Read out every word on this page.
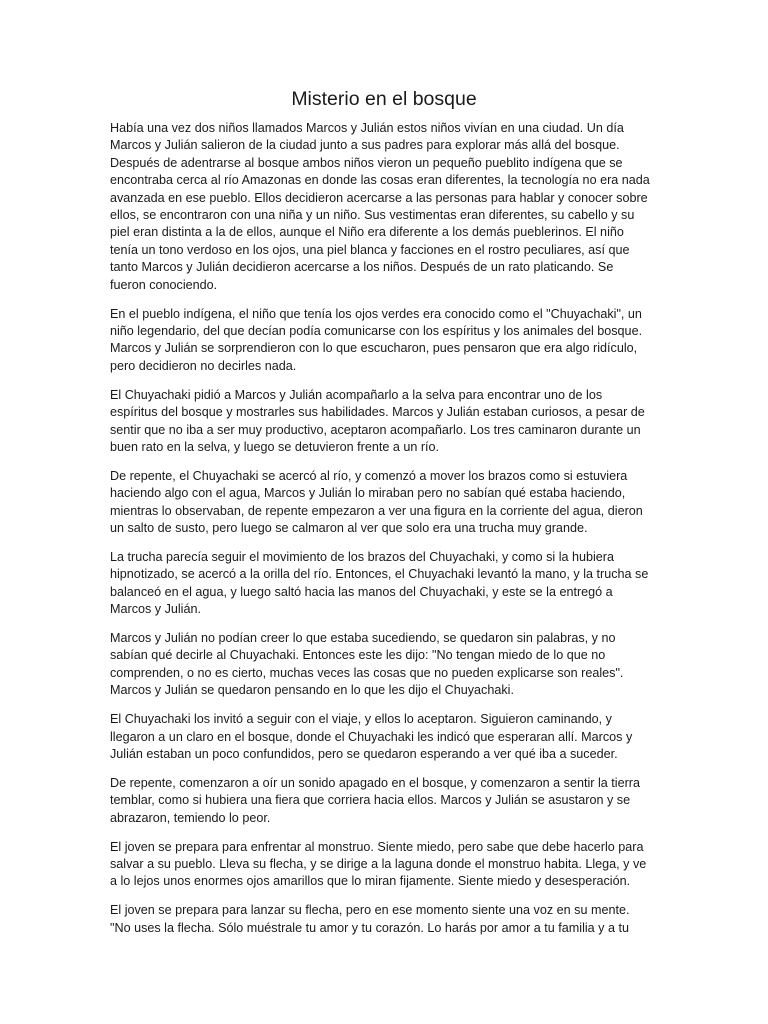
Misterio en el bosque

Había una vez dos niños llamados Marcos y Julián estos niños vivían en una ciudad. Un día
Marcos y Julián salieron de la ciudad junto a sus padres para explorar más allá del bosque.
Después de adentrarse al bosque ambos niños vieron un pequeño pueblito indígena que se
encontraba cerca al río Amazonas en donde las cosas eran diferentes, la tecnología no era nada
avanzada en ese pueblo. Ellos decidieron acercarse a las personas para hablar y conocer sobre
ellos, se encontraron con una niña y un niño. Sus vestimentas eran diferentes, su cabello y su
piel eran distinta a la de ellos, aunque el Niño era diferente a los demás pueblerinos. El niño
tenía un tono verdoso en los ojos, una piel blanca y facciones en el rostro peculiares, así que
tanto Marcos y Julián decidieron acercarse a los niños. Después de un rato platicando. Se
fueron conociendo.

En el pueblo indígena, el niño que tenía los ojos verdes era conocido como el "Chuyachaki", un
niño legendario, del que decían podía comunicarse con los espíritus y los animales del bosque.
Marcos y Julián se sorprendieron con lo que escucharon, pues pensaron que era algo ridículo,
pero decidieron no decirles nada.

El Chuyachaki pidió a Marcos y Julián acompañarlo a la selva para encontrar uno de los
espíritus del bosque y mostrarles sus habilidades. Marcos y Julián estaban curiosos, a pesar de
sentir que no iba a ser muy productivo, aceptaron acompañarlo. Los tres caminaron durante un
buen rato en la selva, y luego se detuvieron frente a un río.

De repente, el Chuyachaki se acercó al río, y comenzó a mover los brazos como si estuviera
haciendo algo con el agua, Marcos y Julián lo miraban pero no sabían qué estaba haciendo,
mientras lo observaban, de repente empezaron a ver una figura en la corriente del agua, dieron
un salto de susto, pero luego se calmaron al ver que solo era una trucha muy grande.

La trucha parecía seguir el movimiento de los brazos del Chuyachaki, y como si la hubiera
hipnotizado, se acercó a la orilla del río. Entonces, el Chuyachaki levantó la mano, y la trucha se
balanceó en el agua, y luego saltó hacia las manos del Chuyachaki, y este se la entregó a
Marcos y Julián.

Marcos y Julián no podían creer lo que estaba sucediendo, se quedaron sin palabras, y no
sabían qué decirle al Chuyachaki. Entonces este les dijo: "No tengan miedo de lo que no
comprenden, o no es cierto, muchas veces las cosas que no pueden explicarse son reales".
Marcos y Julián se quedaron pensando en lo que les dijo el Chuyachaki.

El Chuyachaki los invitó a seguir con el viaje, y ellos lo aceptaron. Siguieron caminando, y
llegaron a un claro en el bosque, donde el Chuyachaki les indicó que esperaran allí. Marcos y
Julián estaban un poco confundidos, pero se quedaron esperando a ver qué iba a suceder.

De repente, comenzaron a oír un sonido apagado en el bosque, y comenzaron a sentir la tierra
temblar, como si hubiera una fiera que corriera hacia ellos. Marcos y Julián se asustaron y se
abrazaron, temiendo lo peor.

El joven se prepara para enfrentar al monstruo. Siente miedo, pero sabe que debe hacerlo para
salvar a su pueblo. Lleva su flecha, y se dirige a la laguna donde el monstruo habita. Llega, y ve
a lo lejos unos enormes ojos amarillos que lo miran fijamente. Siente miedo y desesperación.

El joven se prepara para lanzar su flecha, pero en ese momento siente una voz en su mente.
"No uses la flecha. Sólo muéstrale tu amor y tu corazón. Lo harás por amor a tu familia y a tu
